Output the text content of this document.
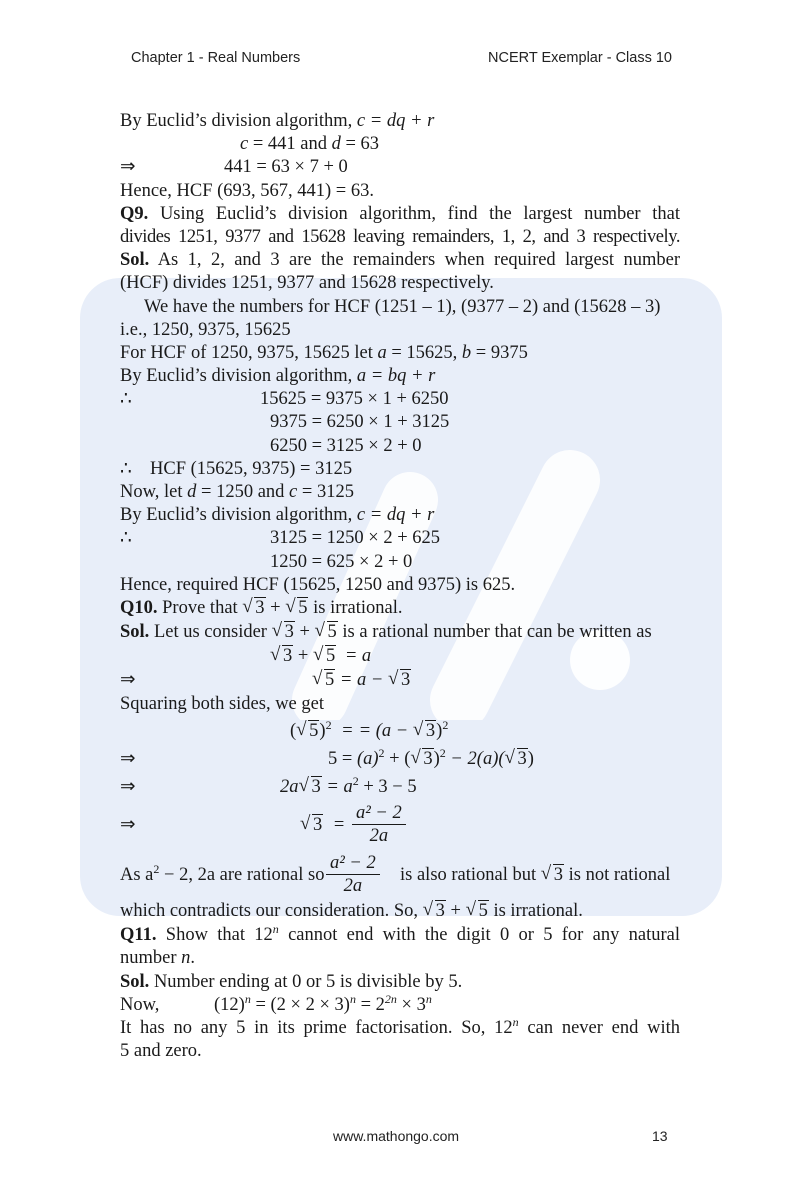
Chapter 1 - Real Numbers	NCERT Exemplar - Class 10
By Euclid’s division algorithm, c = dq + r
c = 441 and d = 63
⇒	441 = 63 × 7 + 0
Hence, HCF (693, 567, 441) = 63.
Q9. Using Euclid’s division algorithm, find the largest number that
divides 1251, 9377 and 15628 leaving remainders, 1, 2, and 3 respectively.
Sol. As 1, 2, and 3 are the remainders when required largest number
(HCF) divides 1251, 9377 and 15628 respectively.
We have the numbers for HCF (1251 – 1), (9377 – 2) and (15628 – 3)
i.e., 1250, 9375, 15625
For HCF of 1250, 9375, 15625 let a = 15625, b = 9375
By Euclid’s division algorithm, a = bq + r
∴	15625 = 9375 × 1 + 6250
9375 = 6250 × 1 + 3125
6250 = 3125 × 2 + 0
∴ HCF (15625, 9375) = 3125
Now, let d = 1250 and c = 3125
By Euclid’s division algorithm, c = dq + r
∴	3125 = 1250 × 2 + 625
1250 = 625 × 2 + 0
Hence, required HCF (15625, 1250 and 9375) is 625.
Q10. Prove that √ 3 + √ 5 is irrational.
Sol. Let us consider √ 3 + √ 5 is a rational number that can be written as
√ 3 + √ 5 = a
⇒	√ 5 = a − √ 3
Squaring both sides, we get
( √ 5)$^2$ = = (a − √ 3)$^2$
⇒	$5 = (a)^2$ + ( √ 3)$^2$ − 2(a)( √ 3)
⇒	2a √ $3 = a^2 + 3 - 5$
⇒	√ $3 = \frac{\text{a² − 2}}{2a}$
As $a^2 - 2$, 2a are rational so $\frac{\text{a² − 2}}{2a}$ is also rational but √ 3 is not rational
which contradicts our consideration. So, √ 3 + √ 5 is irrational.
Q11. Show that 12$^n$ cannot end with the digit 0 or 5 for any natural
number n.
Sol. Number ending at 0 or 5 is divisible by 5.
Now,	$(12)^n = (2 \times 2 \times 3)^n = 2^{2n} \times 3^n$
It has no any 5 in its prime factorisation. So, 12$^n$ can never end with
5 and zero.
www.mathongo.com	13
